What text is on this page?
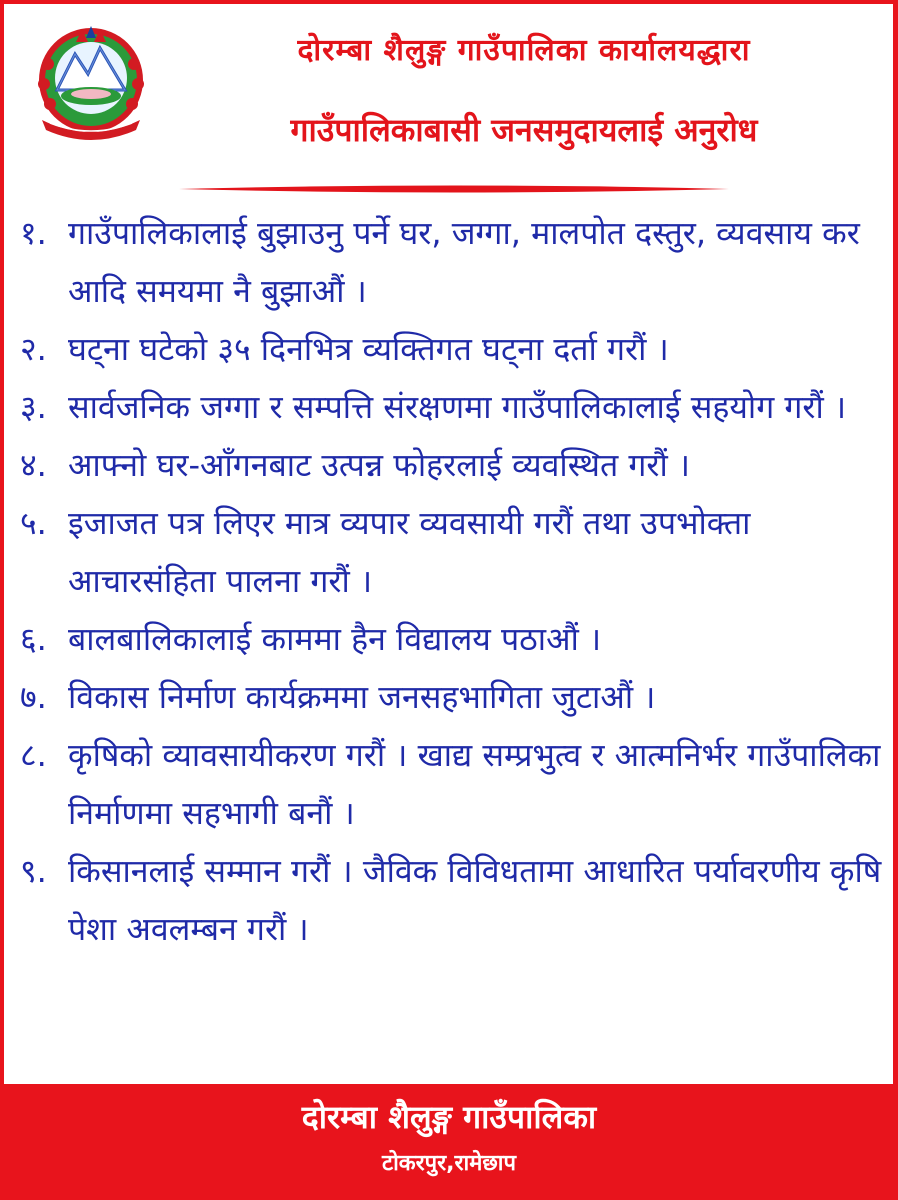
दोरम्बा शैलुङ्ग गाउँपालिका कार्यालयद्धारा
गाउँपालिकाबासी जनसमुदायलाई अनुरोध
१. गाउँपालिकालाई बुझाउनु पर्ने घर, जग्गा, मालपोत दस्तुर, व्यवसाय कर आदि समयमा नै बुझाऔं ।
२. घट्ना घटेको ३५ दिनभित्र व्यक्तिगत घट्ना दर्ता गरौं ।
३. सार्वजनिक जग्गा र सम्पत्ति संरक्षणमा गाउँपालिकालाई सहयोग गरौं ।
४. आफ्नो घर-आँगनबाट उत्पन्न फोहरलाई व्यवस्थित गरौं ।
५. इजाजत पत्र लिएर मात्र व्यपार व्यवसायी गरौं तथा उपभोक्ता आचारसंहिता पालना गरौं ।
६. बालबालिकालाई काममा हैन विद्यालय पठाऔं ।
७. विकास निर्माण कार्यक्रममा जनसहभागिता जुटाऔं ।
८. कृषिको व्यावसायीकरण गरौं । खाद्य सम्प्रभुत्व र आत्मनिर्भर गाउँपालिका निर्माणमा सहभागी बनौं ।
९. किसानलाई सम्मान गरौं । जैविक विविधतामा आधारित पर्यावरणीय कृषि पेशा अवलम्बन गरौं ।
दोरम्बा शैलुङ्ग गाउँपालिका
टोकरपुर,रामेछाप
